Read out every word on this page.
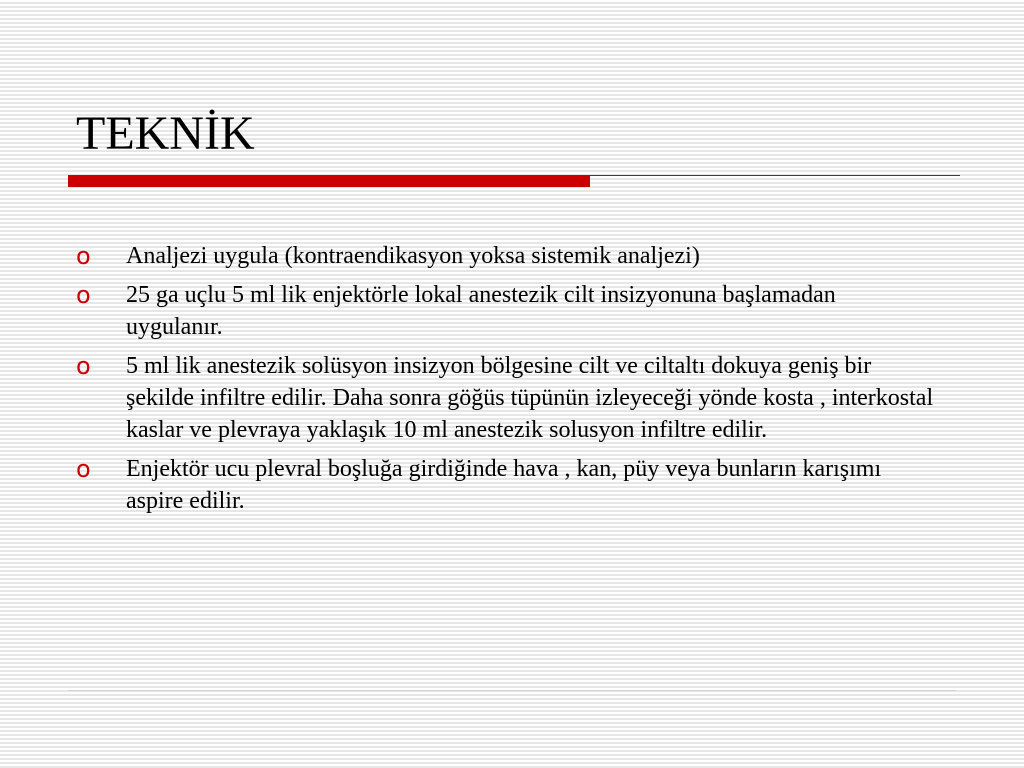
TEKNİK
o Analjezi uygula (kontraendikasyon yoksa sistemik analjezi)
o 25 ga uçlu 5 ml lik enjektörle lokal anestezik cilt insizyonuna başlamadan uygulanır.
o 5 ml lik anestezik solüsyon insizyon bölgesine cilt ve ciltaltı dokuya geniş bir şekilde infiltre edilir. Daha sonra göğüs tüpünün izleyeceği yönde kosta , interkostal kaslar ve plevraya yaklaşık 10 ml anestezik solusyon infiltre edilir.
o Enjektör ucu plevral boşluğa girdiğinde hava , kan, püy veya bunların karışımı aspire edilir.
